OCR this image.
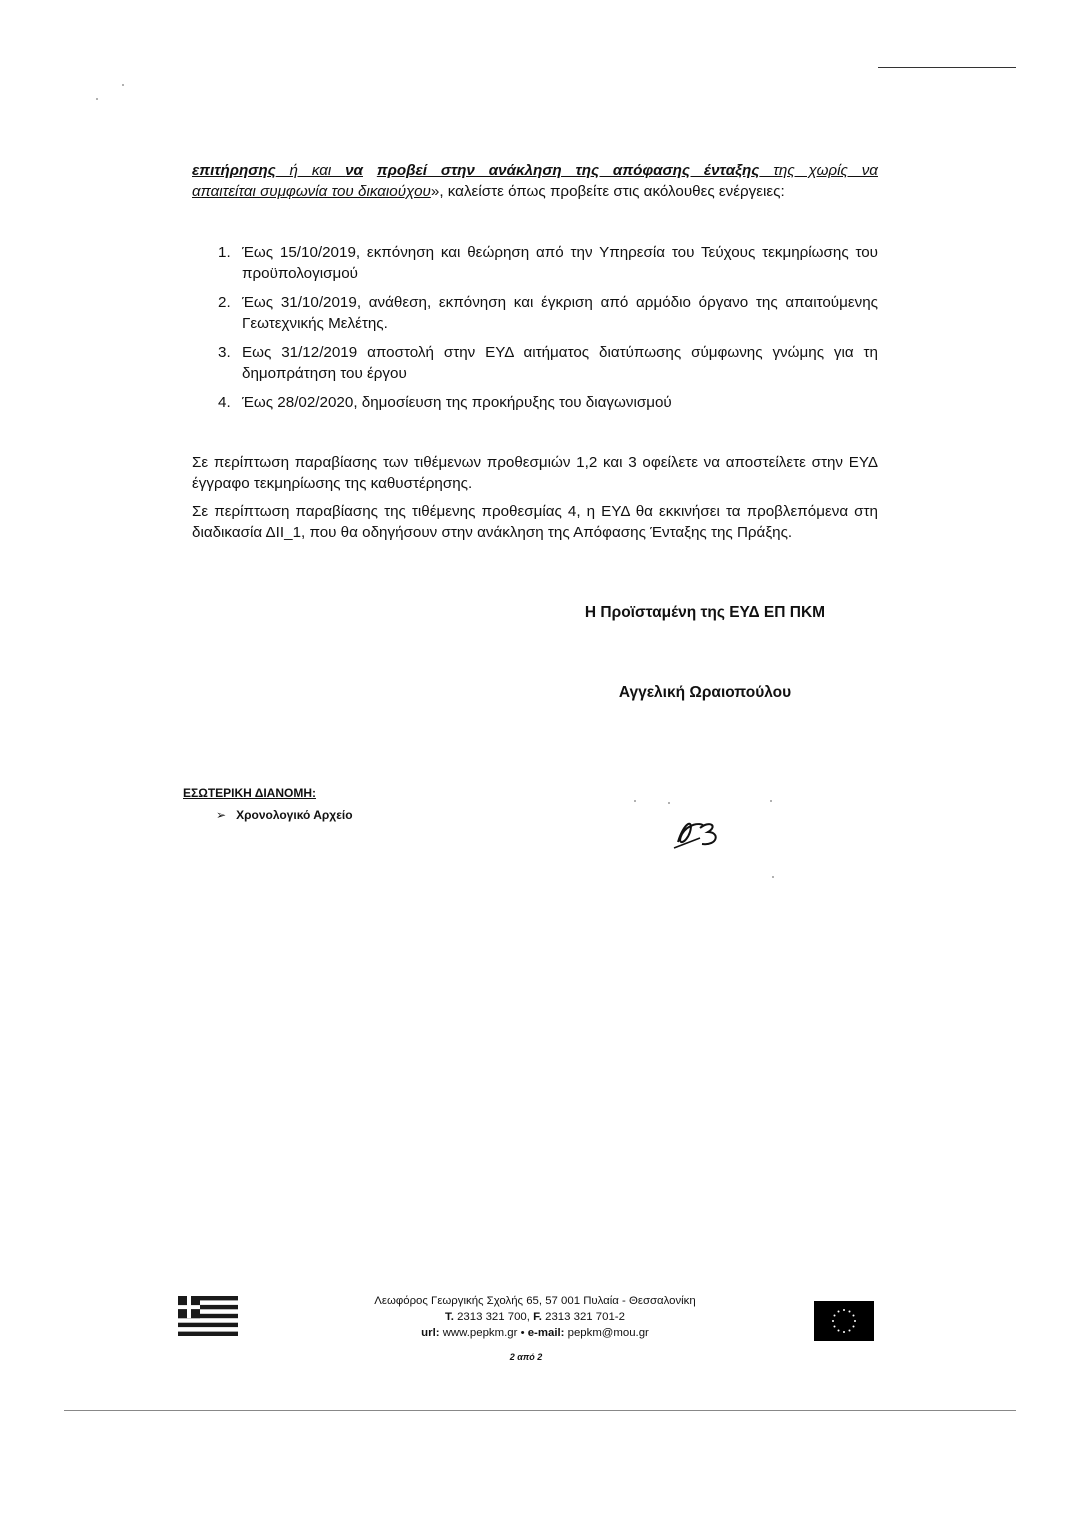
επιτήρησης ή και να προβεί στην ανάκληση της απόφασης ένταξης της χωρίς να
απαιτείται συμφωνία του δικαιούχου», καλείστε όπως προβείτε στις ακόλουθες ενέργειες:
1. Έως 15/10/2019, εκπόνηση και θεώρηση από την Υπηρεσία του Τεύχους τεκμηρίωσης του προϋπολογισμού
2. Έως 31/10/2019, ανάθεση, εκπόνηση και έγκριση από αρμόδιο όργανο της απαιτούμενης Γεωτεχνικής Μελέτης.
3. Εως 31/12/2019 αποστολή στην ΕΥΔ αιτήματος διατύπωσης σύμφωνης γνώμης για τη δημοπράτηση του έργου
4. Έως 28/02/2020, δημοσίευση της προκήρυξης του διαγωνισμού
Σε περίπτωση παραβίασης των τιθέμενων προθεσμιών 1,2 και 3 οφείλετε να αποστείλετε στην ΕΥΔ έγγραφο τεκμηρίωσης της καθυστέρησης.
Σε περίπτωση παραβίασης της τιθέμενης προθεσμίας 4, η ΕΥΔ θα εκκινήσει τα προβλεπόμενα στη διαδικασία ΔΙΙ_1, που θα οδηγήσουν στην ανάκληση της Απόφασης Ένταξης της Πράξης.
Η Προϊσταμένη της ΕΥΔ ΕΠ ΠΚΜ
Αγγελική Ωραιοπούλου
ΕΣΩΤΕΡΙΚΗ ΔΙΑΝΟΜΗ:
➢ Χρονολογικό Αρχείο
Λεωφόρος Γεωργικής Σχολής 65, 57 001 Πυλαία - Θεσσαλονίκη
Τ. 2313 321 700, F. 2313 321 701-2
url: www.pepkm.gr • e-mail: pepkm@mou.gr
2 από 2
